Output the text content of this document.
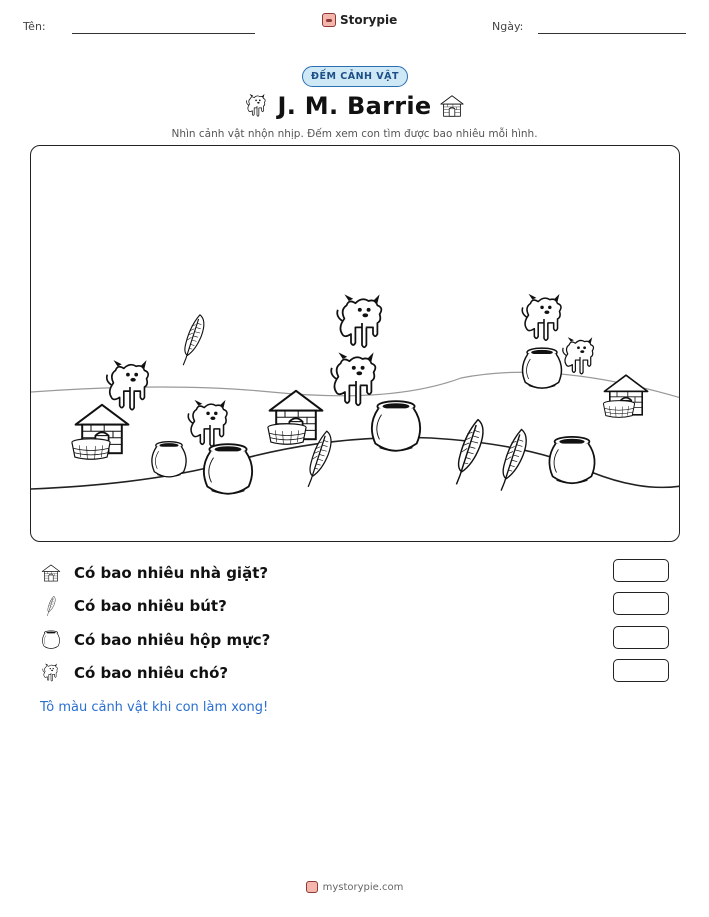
Tên:	Storypie	Ngày:
ĐẾM CẢNH VẬT
J. M. Barrie
Nhìn cảnh vật nhộn nhịp. Đếm xem con tìm được bao nhiêu mỗi hình.
Có bao nhiêu nhà giặt?
Có bao nhiêu bút?
Có bao nhiêu hộp mực?
Có bao nhiêu chó?
Tô màu cảnh vật khi con làm xong!
mystorypie.com
